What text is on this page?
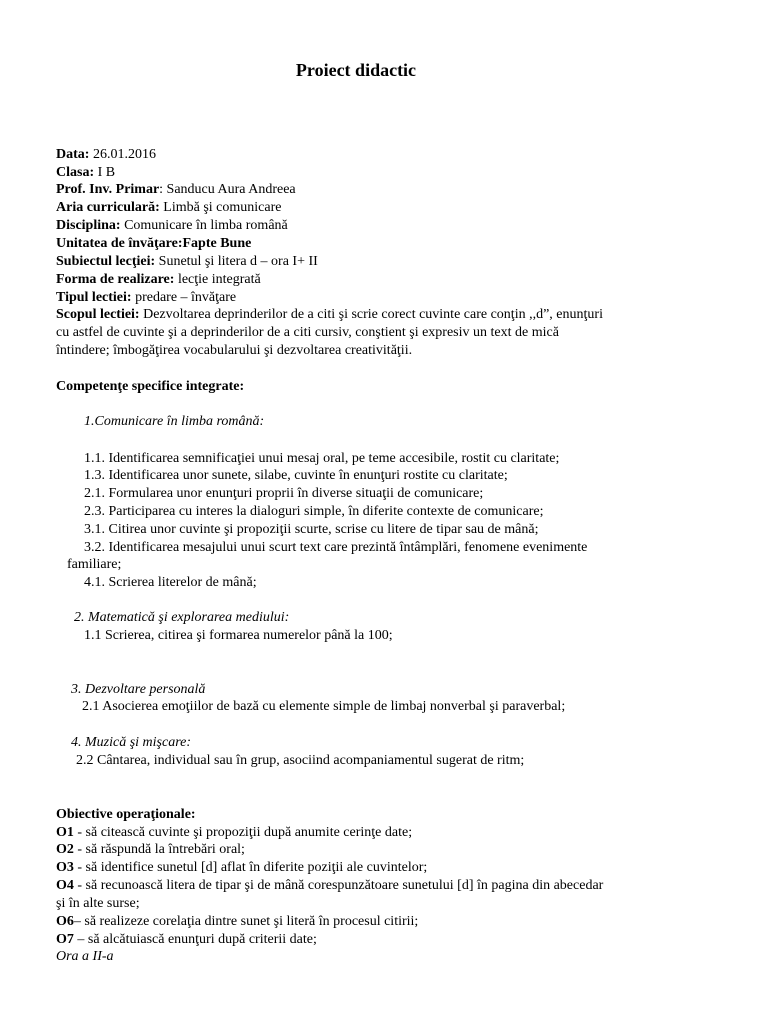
Proiect didactic
Data: 26.01.2016
Clasa: I B
Prof. Inv. Primar: Sanducu Aura Andreea
Aria curriculară: Limbă şi comunicare
Disciplina: Comunicare în limba română
Unitatea de învăţare:Fapte Bune
Subiectul lecţiei: Sunetul şi litera d – ora I+ II
Forma de realizare: lecţie integrată
Tipul lectiei: predare – învăţare
Scopul lectiei: Dezvoltarea deprinderilor de a citi şi scrie corect cuvinte care conţin ,,d”, enunţuri
cu astfel de cuvinte şi a deprinderilor de a citi cursiv, conştient şi expresiv un text de mică
întindere; îmbogăţirea vocabularului şi dezvoltarea creativităţii.
Competenţe specifice integrate:
1.Comunicare în limba română:
1.1. Identificarea semnificaţiei unui mesaj oral, pe teme accesibile, rostit cu claritate;
1.3. Identificarea unor sunete, silabe, cuvinte în enunţuri rostite cu claritate;
2.1. Formularea unor enunţuri proprii în diverse situaţii de comunicare;
2.3. Participarea cu interes la dialoguri simple, în diferite contexte de comunicare;
3.1. Citirea unor cuvinte şi propoziţii scurte, scrise cu litere de tipar sau de mână;
3.2. Identificarea mesajului unui scurt text care prezintă întâmplări, fenomene evenimente
familiare;
4.1. Scrierea literelor de mână;
2. Matematică şi explorarea mediului:
1.1 Scrierea, citirea şi formarea numerelor până la 100;
3. Dezvoltare personală
2.1 Asocierea emoţiilor de bază cu elemente simple de limbaj nonverbal şi paraverbal;
4. Muzică şi mişcare:
2.2 Cântarea, individual sau în grup, asociind acompaniamentul sugerat de ritm;
Obiective operaţionale:
O1 - să citească cuvinte şi propoziţii după anumite cerinţe date;
O2 - să răspundă la întrebări oral;
O3 - să identifice sunetul [d] aflat în diferite poziţii ale cuvintelor;
O4 - să recunoască litera de tipar şi de mână corespunzătoare sunetului [d] în pagina din abecedar
şi în alte surse;
O6– să realizeze corelaţia dintre sunet şi literă în procesul citirii;
O7 – să alcătuiască enunţuri după criterii date;
Ora a II-a
